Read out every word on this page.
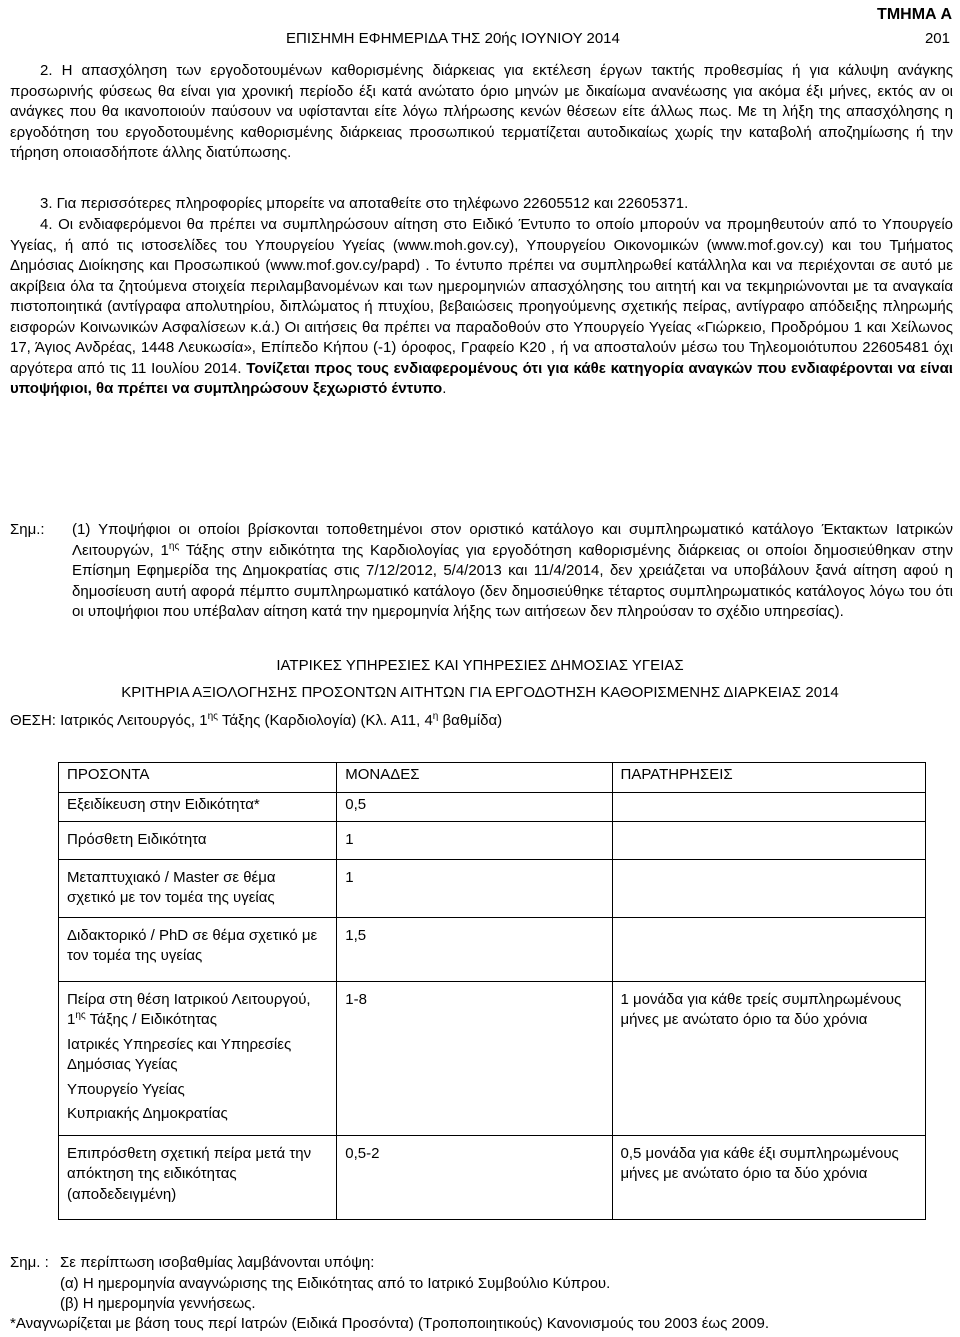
ΤΜΗΜΑ Α
ΕΠΙΣΗΜΗ ΕΦΗΜΕΡΙΔΑ ΤΗΣ 20ής ΙΟΥΝΙΟΥ 2014	201

2. Η απασχόληση των εργοδοτουμένων καθορισμένης διάρκειας για εκτέλεση έργων τακτής προθεσμίας ή για κάλυψη ανάγκης προσωρινής φύσεως θα είναι για χρονική περίοδο έξι κατά ανώτατο όριο μηνών με δικαίωμα ανανέωσης για ακόμα έξι μήνες, εκτός αν οι ανάγκες που θα ικανοποιούν παύσουν να υφίστανται είτε λόγω πλήρωσης κενών θέσεων είτε άλλως πως. Με τη λήξη της απασχόλησης η εργοδότηση του εργοδοτουμένης καθορισμένης διάρκειας προσωπικού τερματίζεται αυτοδικαίως χωρίς την καταβολή αποζημίωσης ή την τήρηση οποιασδήποτε άλλης διατύπωσης.

3. Για περισσότερες πληροφορίες μπορείτε να αποταθείτε στο τηλέφωνο 22605512 και 22605371.

4. Οι ενδιαφερόμενοι θα πρέπει να συμπληρώσουν αίτηση στο Ειδικό Έντυπο το οποίο μπορούν να προμηθευτούν από το Υπουργείο Υγείας, ή από τις ιστοσελίδες του Υπουργείου Υγείας (www.moh.gov.cy), Υπουργείου Οικονομικών (www.mof.gov.cy) και του Τμήματος Δημόσιας Διοίκησης και Προσωπικού (www.mof.gov.cy/papd) . Το έντυπο πρέπει να συμπληρωθεί κατάλληλα και να περιέχονται σε αυτό με ακρίβεια όλα τα ζητούμενα στοιχεία περιλαμβανομένων και των ημερομηνιών απασχόλησης του αιτητή και να τεκμηριώνονται με τα αναγκαία πιστοποιητικά (αντίγραφα απολυτηρίου, διπλώματος ή πτυχίου, βεβαιώσεις προηγούμενης σχετικής πείρας, αντίγραφο απόδειξης πληρωμής εισφορών Κοινωνικών Ασφαλίσεων κ.ά.) Οι αιτήσεις θα πρέπει να παραδοθούν στο Υπουργείο Υγείας «Γιώρκειο, Προδρόμου 1 και Χείλωνος 17, Άγιος Ανδρέας, 1448 Λευκωσία», Επίπεδο Κήπου (-1) όροφος, Γραφείο Κ20 , ή να αποσταλούν μέσω του Τηλεομοιότυπου 22605481 όχι αργότερα από τις 11 Ιουλίου 2014. Τονίζεται προς τους ενδιαφερομένους ότι για κάθε κατηγορία αναγκών που ενδιαφέρονται να είναι υποψήφιοι, θα πρέπει να συμπληρώσουν ξεχωριστό έντυπο.

Σημ.: (1) Υποψήφιοι οι οποίοι βρίσκονται τοποθετημένοι στον οριστικό κατάλογο και συμπληρωματικό κατάλογο Έκτακτων Ιατρικών Λειτουργών, $1^{\eta\varsigma}$ Τάξης στην ειδικότητα της Καρδιολογίας για εργοδότηση καθορισμένης διάρκειας οι οποίοι δημοσιεύθηκαν στην Επίσημη Εφημερίδα της Δημοκρατίας στις 7/12/2012, 5/4/2013 και 11/4/2014, δεν χρειάζεται να υποβάλουν ξανά αίτηση αφού η δημοσίευση αυτή αφορά πέμπτο συμπληρωματικό κατάλογο (δεν δημοσιεύθηκε τέταρτος συμπληρωματικός κατάλογος λόγω του ότι οι υποψήφιοι που υπέβαλαν αίτηση κατά την ημερομηνία λήξης των αιτήσεων δεν πληρούσαν το σχέδιο υπηρεσίας).

ΙΑΤΡΙΚΕΣ ΥΠΗΡΕΣΙΕΣ ΚΑΙ ΥΠΗΡΕΣΙΕΣ ΔΗΜΟΣΙΑΣ ΥΓΕΙΑΣ

ΚΡΙΤΗΡΙΑ ΑΞΙΟΛΟΓΗΣΗΣ ΠΡΟΣΟΝΤΩΝ ΑΙΤΗΤΩΝ ΓΙΑ ΕΡΓΟΔΟΤΗΣΗ ΚΑΘΟΡΙΣΜΕΝΗΣ ΔΙΑΡΚΕΙΑΣ 2014

ΘΕΣΗ: Ιατρικός Λειτουργός, $1^{\eta\varsigma}$ Τάξης (Καρδιολογία) (Κλ. Α11, $4^\eta$ βαθμίδα)

ΠΡΟΣΟΝΤΑ	ΜΟΝΑΔΕΣ	ΠΑΡΑΤΗΡΗΣΕΙΣ
Εξειδίκευση στην Ειδικότητα*	0,5	
Πρόσθετη Ειδικότητα	1	
Μεταπτυχιακό / Master σε θέμα σχετικό με τον τομέα της υγείας	1	
Διδακτορικό / PhD σε θέμα σχετικό με τον τομέα της υγείας	1,5	

Πείρα στη θέση Ιατρικού Λειτουργού, $1^{\eta\varsigma}$ Τάξης / Ειδικότητας
Ιατρικές Υπηρεσίες και Υπηρεσίες Δημόσιας Υγείας
Υπουργείο Υγείας
Κυπριακής Δημοκρατίας	1-8	1 μονάδα για κάθε τρείς συμπληρωμένους μήνες με ανώτατο όριο τα δύο χρόνια
Επιπρόσθετη σχετική πείρα μετά την απόκτηση της ειδικότητας (αποδεδειγμένη)	0,5-2	0,5 μονάδα για κάθε έξι συμπληρωμένους μήνες με ανώτατο όριο τα δύο χρόνια
Σημ. : Σε περίπτωση ισοβαθμίας λαμβάνονται υπόψη:
(α) Η ημερομηνία αναγνώρισης της Ειδικότητας από το Ιατρικό Συμβούλιο Κύπρου.
(β) Η ημερομηνία γεννήσεως.

*Αναγνωρίζεται με βάση τους περί Ιατρών (Ειδικά Προσόντα) (Τροποποιητικούς) Κανονισμούς του 2003 έως 2009.
